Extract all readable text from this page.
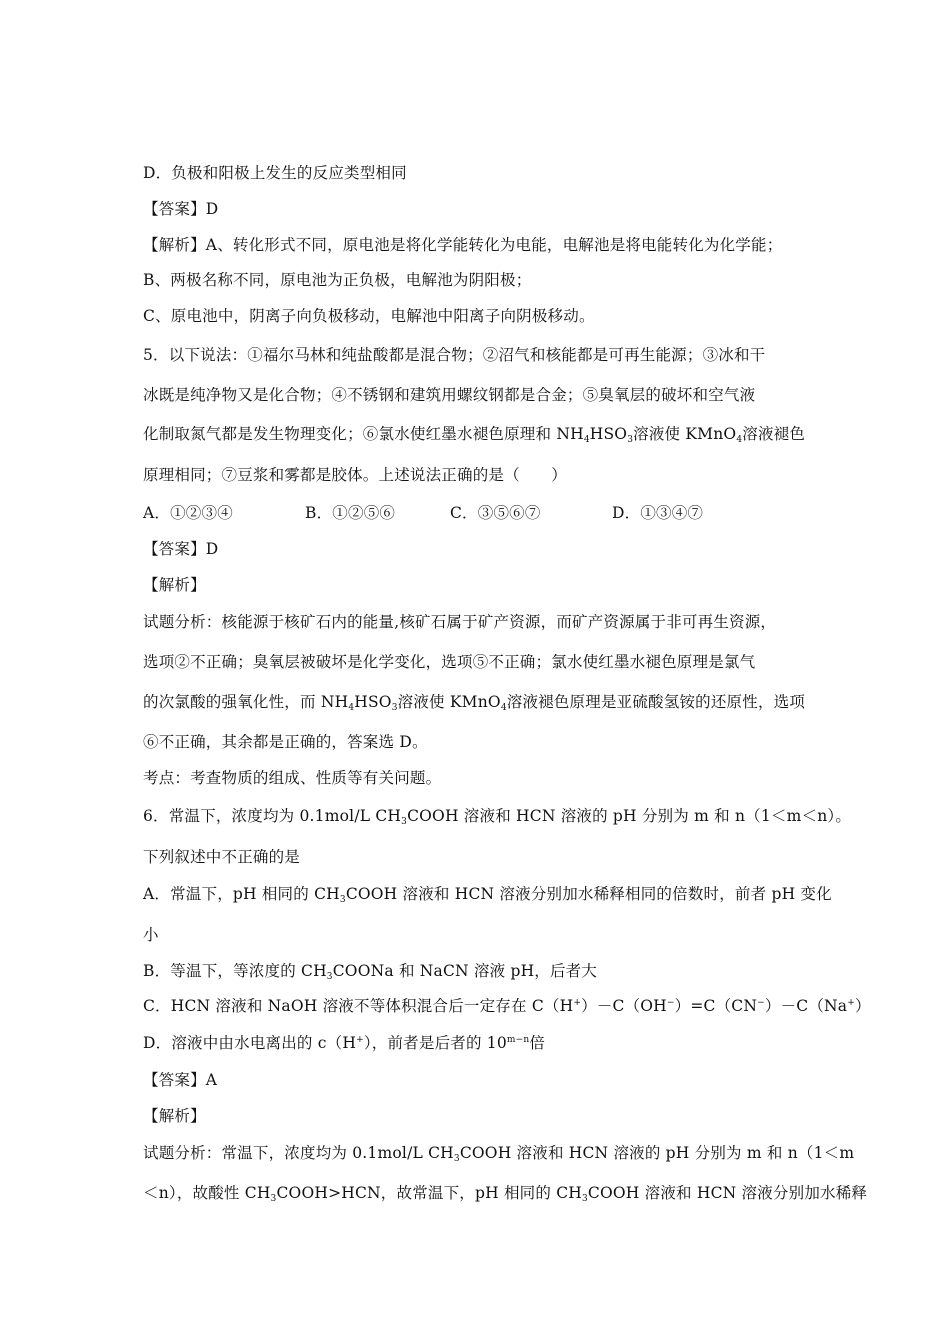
D．负极和阳极上发生的反应类型相同
【答案】D
【解析】A、转化形式不同，原电池是将化学能转化为电能，电解池是将电能转化为化学能；
B、两极名称不同，原电池为正负极，电解池为阴阳极；
C、原电池中，阴离子向负极移动，电解池中阳离子向阴极移动。
5．以下说法：①福尔马林和纯盐酸都是混合物；②沼气和核能都是可再生能源；③冰和干
冰既是纯净物又是化合物；④不锈钢和建筑用螺纹钢都是合金；⑤臭氧层的破坏和空气液
化制取氮气都是发生物理变化；⑥氯水使红墨水褪色原理和 $NH_4HSO_3$溶液使 KMnO$_4$溶液褪色
原理相同；⑦豆浆和雾都是胶体。上述说法正确的是（　　）
A．①②③④	B．①②⑤⑥	C．③⑤⑥⑦	D．①③④⑦
【答案】D
【解析】
试题分析：核能源于核矿石内的能量,核矿石属于矿产资源，而矿产资源属于非可再生资源，
选项②不正确；臭氧层被破坏是化学变化，选项⑤不正确；氯水使红墨水褪色原理是氯气
的次氯酸的强氧化性，而 $NH_4HSO_3$溶液使 KMnO$_4$溶液褪色原理是亚硫酸氢铵的还原性，选项
⑥不正确，其余都是正确的，答案选 D。
考点：考查物质的组成、性质等有关问题。
6．常温下，浓度均为 0.1mol/L $CH_3COOH$ 溶液和 HCN 溶液的 pH 分别为 m 和 n（1＜m＜n）。
下列叙述中不正确的是
A．常温下，pH 相同的 $CH_3COOH$ 溶液和 HCN 溶液分别加水稀释相同的倍数时，前者 pH 变化
小
B．等温下，等浓度的 $CH_3COONa$ 和 NaCN 溶液 pH，后者大
C．HCN 溶液和 NaOH 溶液不等体积混合后一定存在 C（H+）－C（OH−）=C（CN−）－C（Na+）
D．溶液中由水电离出的 c（H+），前者是后者的 $10^{m-n}$倍
【答案】A
【解析】
试题分析：常温下，浓度均为 0.1mol/L $CH_3COOH$ 溶液和 HCN 溶液的 pH 分别为 m 和 n（1＜m
＜n），故酸性 $CH_3COOH>HCN$，故常温下，pH 相同的 $CH_3COOH$ 溶液和 HCN 溶液分别加水稀释
